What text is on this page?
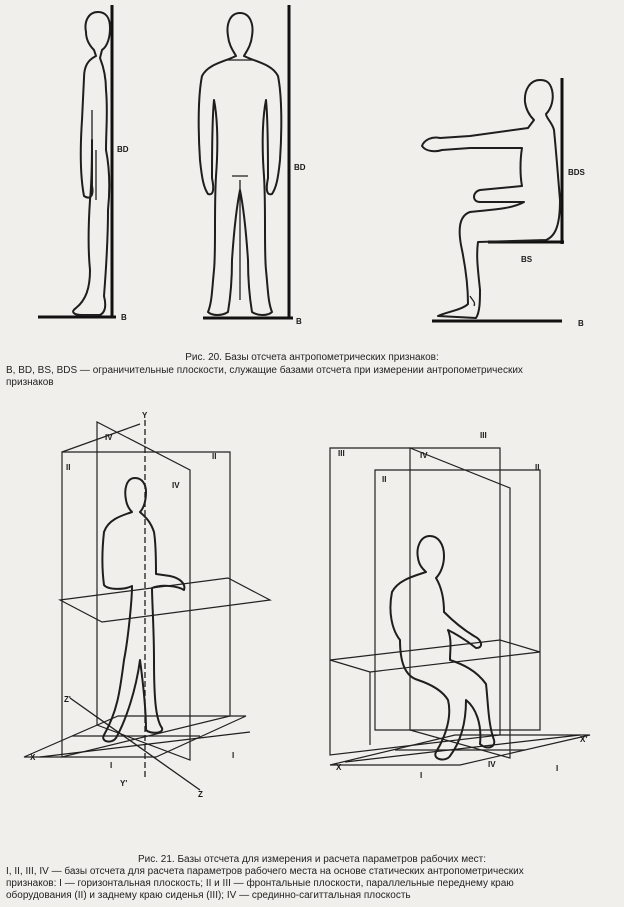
BD
B
BD
B
BDS
BS
B
Y
Y'
X
Z
Z'
IV
IV
II
II
I
I
III
III
IV
II
II
X
X'
I
I
IV
Рис. 20. Базы отсчета антропометрических признаков:
B, BD, BS, BDS — ограничительные плоскости, служащие базами отсчета при измерении антропометрических
признаков
Рис. 21. Базы отсчета для измерения и расчета параметров рабочих мест:
I, II, III, IV — базы отсчета для расчета параметров рабочего места на основе статических антропометрических
признаков: I — горизонтальная плоскость; II и III — фронтальные плоскости, параллельные переднему краю
оборудования (II) и заднему краю сиденья (III); IV — срединно-сагиттальная плоскость
